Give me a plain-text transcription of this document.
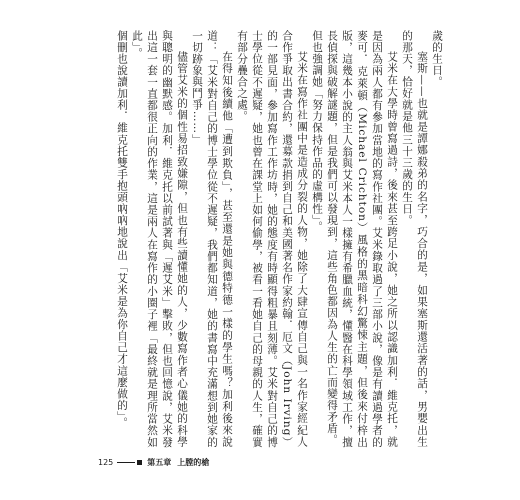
歲的生日。

塞斯——也就是譚娜殺弟的名字，巧合的是，如果塞斯還活著的話，男嬰出生的那天，恰好就是他三十三歲的生日。

艾米在大學時曾寫過詩，後來甚至跨足小說，她之所以認識加利．維克托，就是因為兩人都有參加當地的寫作社團。艾米錄取過了三部小說，像是有讀過學者的麥可．克萊頓（Michael Crichton）風格的黑暗科幻驚悚主題，但後來付梓出版，這幾本小說的主人翁與艾米本人一樣擁有希臘血統，懂醫在科學領域工作，擅長偵探與破解謎題，但是我們可以發現到，這些角色都因為人生的亡而變得矛盾。

但也強調她「努力保持作品的虛構性」。

艾米在寫作社團中是造成分裂的人物，她除了大肆宣傳自己與一名作家經紀人合作爭取出書合約，還募款捐到自己和美國著名作家約翰．厄文（John Irving）的一部見面，參加寫作工作坊時，她的態度有時顯得粗暴且刻薄。艾米對自己的博士學位從不遲疑，她也曾在課堂上如何偷學，被看一看她自己的母親的人生，確實有部分疊合之處。

在得知後續他「遭到欺負」，甚至還是她與德特德一樣的學生嗎？加利後來說道：「艾米對自己的博士學位從不遲疑，我們都知道，她的書寫中充滿想到她家的一切跡象與鬥爭……」

儘管艾米的個性易招致嫌隙，但也有些讀懂她的人，少數寫作者心儀她的科學與聰明的幽默感。加利．維克托以前試著與「遲艾米」擊敗，但也回憶說，艾米發出這一套一直都很正向的作業，這是兩人在寫作的小圈子裡「最終就是理所當然如此」。

個刪也說讀加利．維克托雙手抱頭吶吶地說出「艾米是為你自己才這麼做的」。

125	第五章 上膛的槍
